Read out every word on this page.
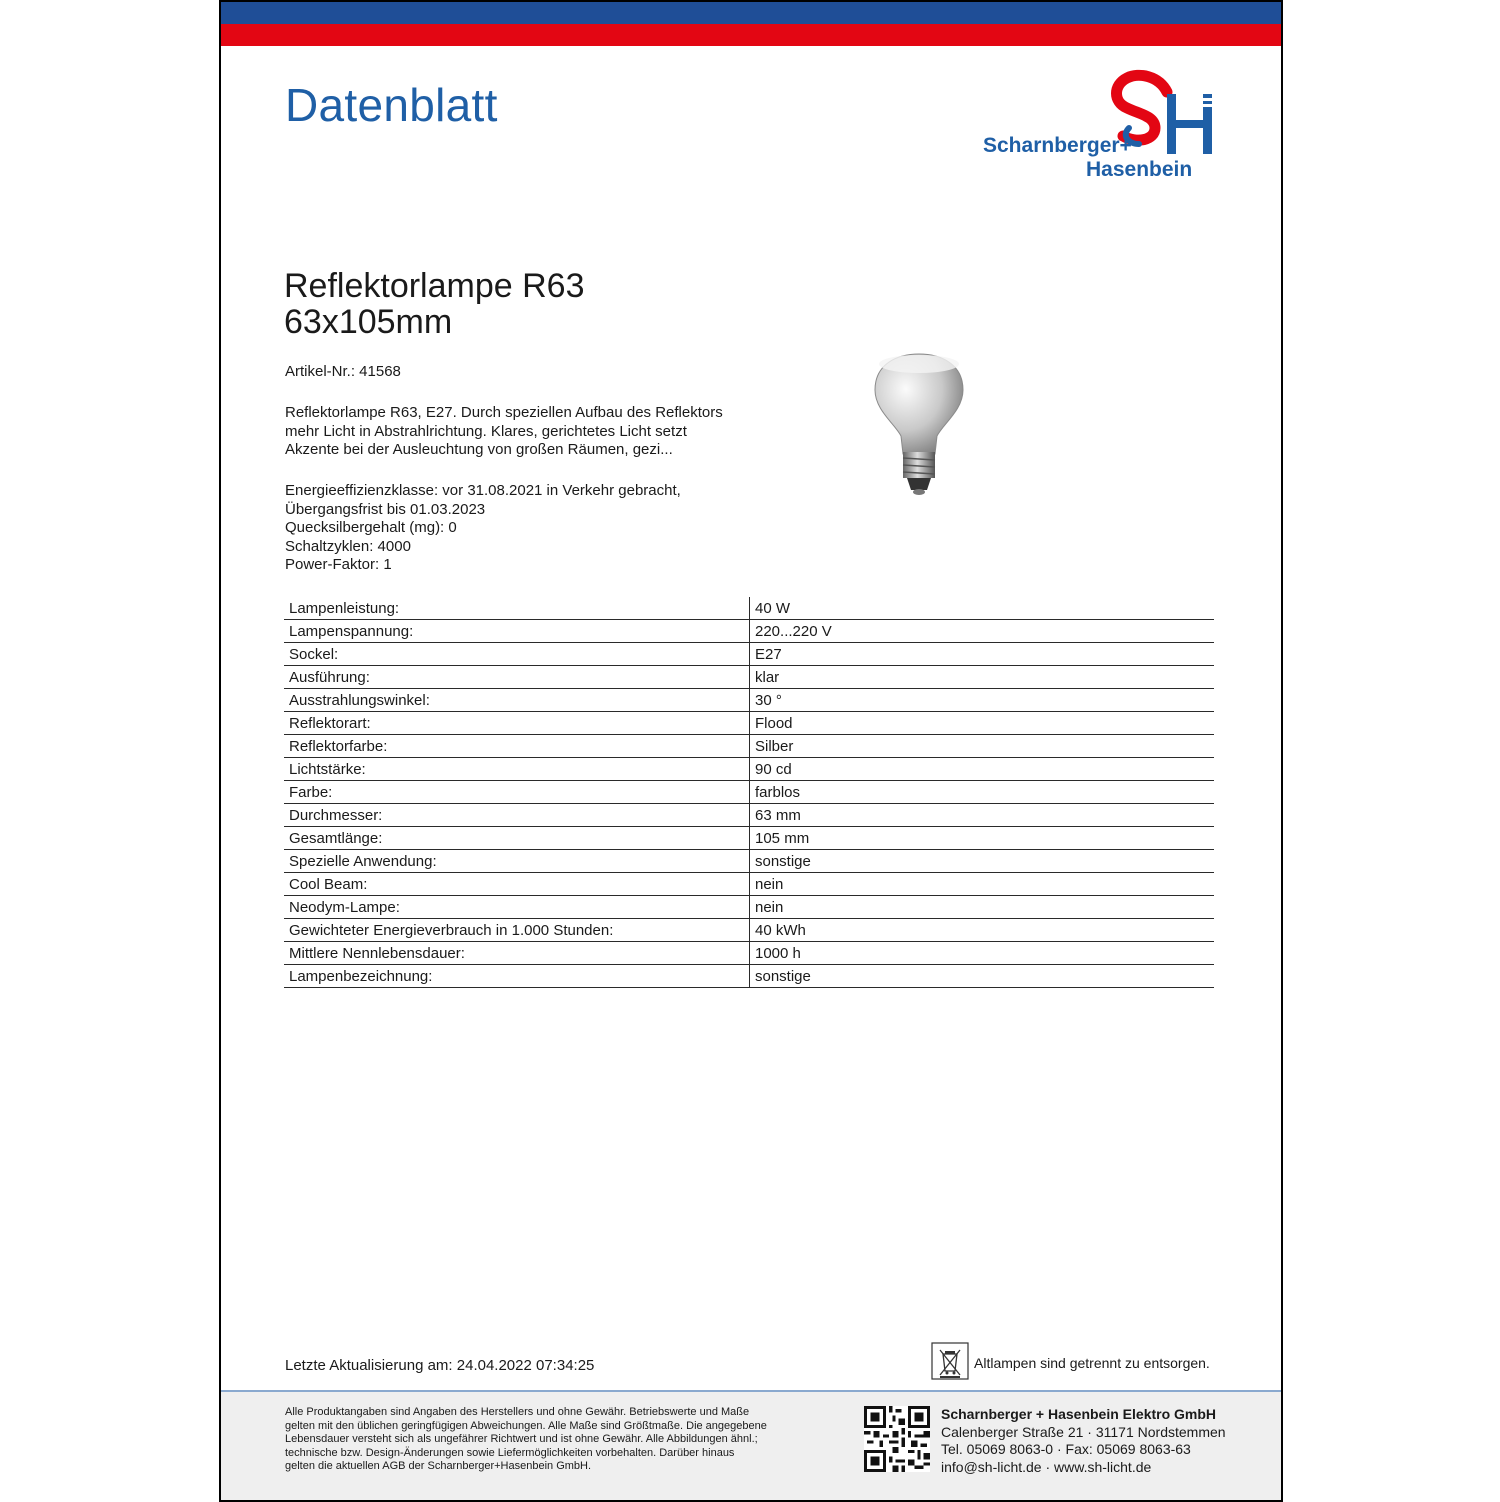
Datenblatt
Scharnberger+
Hasenbein
Reflektorlampe R63
63x105mm
Artikel-Nr.: 41568
Reflektorlampe R63, E27. Durch speziellen Aufbau des Reflektors
mehr Licht in Abstrahlrichtung. Klares, gerichtetes Licht setzt
Akzente bei der Ausleuchtung von großen Räumen, gezi...
Energieeffizienzklasse: vor 31.08.2021 in Verkehr gebracht,
Übergangsfrist bis 01.03.2023
Quecksilbergehalt (mg): 0
Schaltzyklen: 4000
Power-Faktor: 1
Lampenleistung:	40 W
Lampenspannung:	220...220 V
Sockel:	E27
Ausführung:	klar
Ausstrahlungswinkel:	30 °
Reflektorart:	Flood
Reflektorfarbe:	Silber
Lichtstärke:	90 cd
Farbe:	farblos
Durchmesser:	63 mm
Gesamtlänge:	105 mm
Spezielle Anwendung:	sonstige
Cool Beam:	nein
Neodym-Lampe:	nein
Gewichteter Energieverbrauch in 1.000 Stunden:	40 kWh
Mittlere Nennlebensdauer:	1000 h
Lampenbezeichnung:	sonstige
Letzte Aktualisierung am: 24.04.2022 07:34:25	Altlampen sind getrennt zu entsorgen.
Alle Produktangaben sind Angaben des Herstellers und ohne Gewähr. Betriebswerte und Maße
gelten mit den üblichen geringfügigen Abweichungen. Alle Maße sind Größtmaße. Die angegebene
Lebensdauer versteht sich als ungefährer Richtwert und ist ohne Gewähr. Alle Abbildungen ähnl.;
technische bzw. Design-Änderungen sowie Liefermöglichkeiten vorbehalten. Darüber hinaus
gelten die aktuellen AGB der Scharnberger+Hasenbein GmbH.
Scharnberger + Hasenbein Elektro GmbH
Calenberger Straße 21 · 31171 Nordstemmen
Tel. 05069 8063-0 · Fax: 05069 8063-63
info@sh-licht.de · www.sh-licht.de
